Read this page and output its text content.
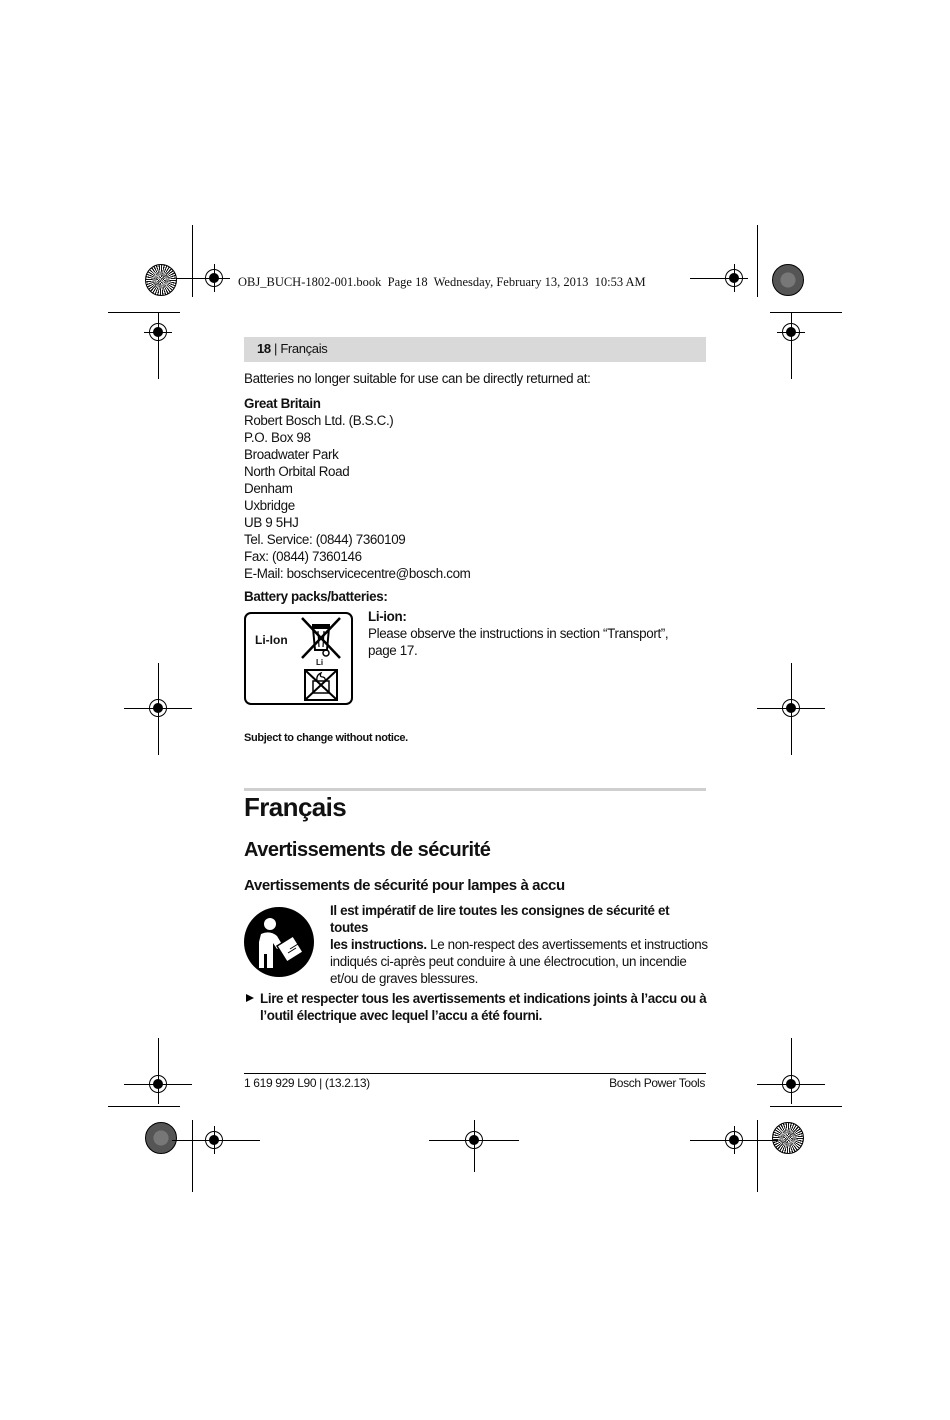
OBJ_BUCH-1802-001.book  Page 18  Wednesday, February 13, 2013  10:53 AM
18 | Français
Batteries no longer suitable for use can be directly returned at:
Great Britain
Robert Bosch Ltd. (B.S.C.)
P.O. Box 98
Broadwater Park
North Orbital Road
Denham
Uxbridge
UB 9 5HJ
Tel. Service: (0844) 7360109
Fax: (0844) 7360146
E-Mail: boschservicecentre@bosch.com
Battery packs/batteries:
Li-Ion
Li
Li-ion:
Please observe the instructions in section “Transport”,
page 17.
Subject to change without notice.
Français
Avertissements de sécurité
Avertissements de sécurité pour lampes à accu
Il est impératif de lire toutes les consignes de sécurité et toutes
les instructions. Le non-respect des avertissements et instructions
indiqués ci-après peut conduire à une électrocution, un incendie
et/ou de graves blessures.
Lire et respecter tous les avertissements et indications joints à l’accu ou à
l’outil électrique avec lequel l’accu a été fourni.
1 619 929 L90 | (13.2.13)	Bosch Power Tools
